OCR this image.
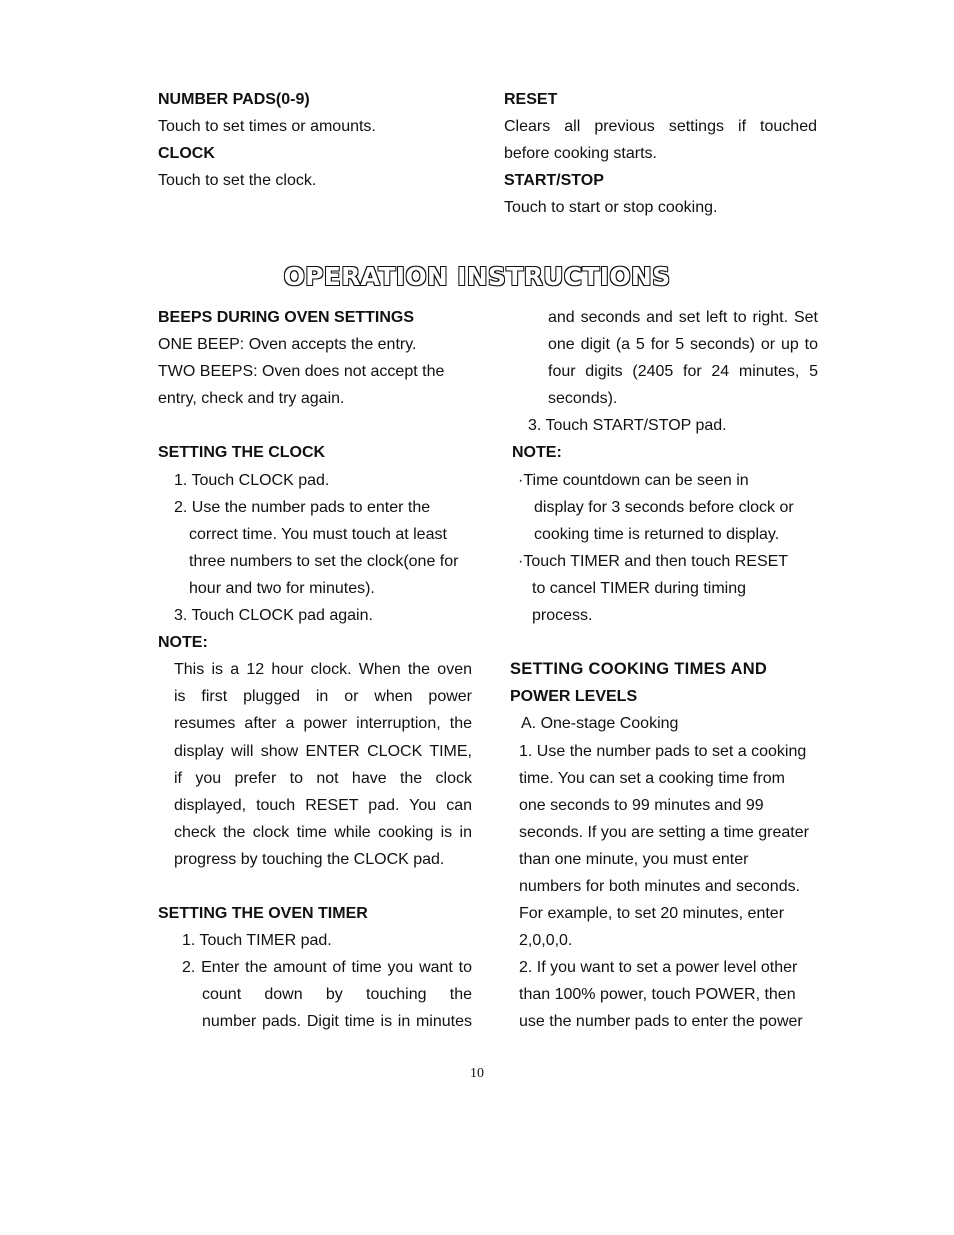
NUMBER PADS(0-9)

Touch to set times or amounts.

CLOCK

Touch to set the clock.

RESET

Clears all previous settings if touched

before cooking starts.

START/STOP

Touch to start or stop cooking.

OPERATION INSTRUCTIONS

BEEPS DURING OVEN SETTINGS

ONE BEEP: Oven accepts the entry.

TWO BEEPS: Oven does not accept the

entry, check and try again.

SETTING THE CLOCK

1. Touch CLOCK pad.

2. Use the number pads to enter the

correct time. You must touch at least

three numbers to set the clock(one for

hour and two for minutes).

3. Touch CLOCK pad again.

NOTE:

This is a 12 hour clock. When the oven

is first plugged in or when power

resumes after a power interruption, the

display will show ENTER CLOCK TIME,

if you prefer to not have the clock

displayed, touch RESET pad. You can

check the clock time while cooking is in

progress by touching the CLOCK pad.

SETTING THE OVEN TIMER

1. Touch TIMER pad.

2. Enter the amount of time you want to

count down by touching the

number pads. Digit time is in minutes

and seconds and set left to right. Set

one digit (a 5 for 5 seconds) or up to

four digits (2405 for 24 minutes, 5

seconds).

3. Touch START/STOP pad.

NOTE:

·Time countdown can be seen in

display for 3 seconds before clock or

cooking time is returned to display.

·Touch TIMER and then touch RESET

to cancel TIMER during timing

process.

SETTING COOKING TIMES AND

POWER LEVELS

A. One-stage Cooking

1. Use the number pads to set a cooking

time. You can set a cooking time from

one seconds to 99 minutes and 99

seconds. If you are setting a time greater

than one minute, you must enter

numbers for both minutes and seconds.

For example, to set 20 minutes, enter

2,0,0,0.

2. If you want to set a power level other

than 100% power, touch POWER, then

use the number pads to enter the power

10
